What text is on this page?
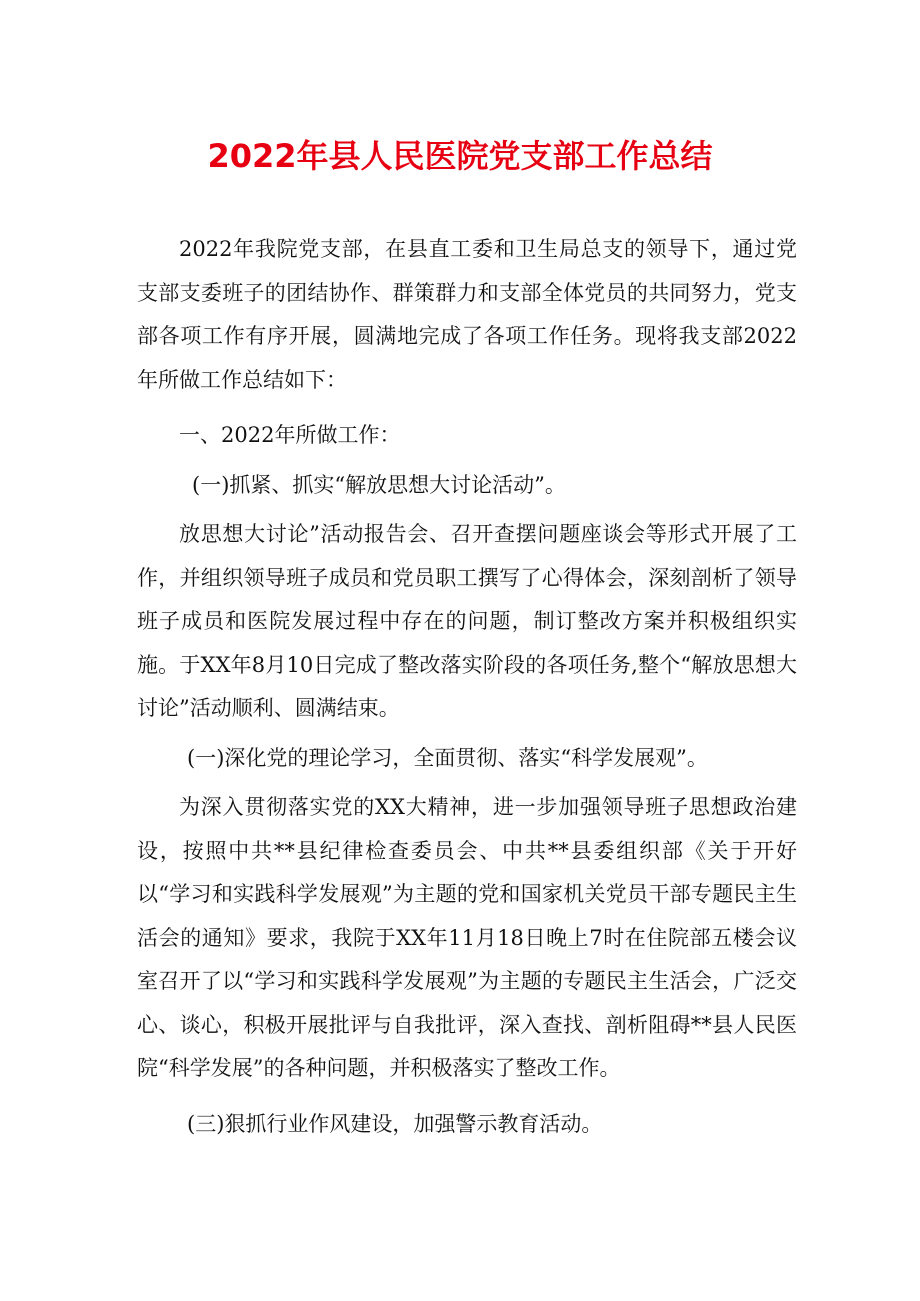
2022年县人民医院党支部工作总结

2022年我院党支部，在县直工委和卫生局总支的领导下，通过党支部支委班子的团结协作、群策群力和支部全体党员的共同努力，党支部各项工作有序开展，圆满地完成了各项工作任务。现将我支部2022年所做工作总结如下：

一、2022年所做工作：

(一)抓紧、抓实“解放思想大讨论活动”。

放思想大讨论”活动报告会、召开查摆问题座谈会等形式开展了工作，并组织领导班子成员和党员职工撰写了心得体会，深刻剖析了领导班子成员和医院发展过程中存在的问题，制订整改方案并积极组织实施。于XX年8月10日完成了整改落实阶段的各项任务,整个“解放思想大讨论”活动顺利、圆满结束。

(一)深化党的理论学习，全面贯彻、落实“科学发展观”。

为深入贯彻落实党的XX大精神，进一步加强领导班子思想政治建设，按照中共**县纪律检查委员会、中共**县委组织部《关于开好以“学习和实践科学发展观”为主题的党和国家机关党员干部专题民主生活会的通知》要求，我院于XX年11月18日晚上7时在住院部五楼会议室召开了以“学习和实践科学发展观”为主题的专题民主生活会，广泛交心、谈心，积极开展批评与自我批评，深入查找、剖析阻碍**县人民医院“科学发展”的各种问题，并积极落实了整改工作。

(三)狠抓行业作风建设，加强警示教育活动。
